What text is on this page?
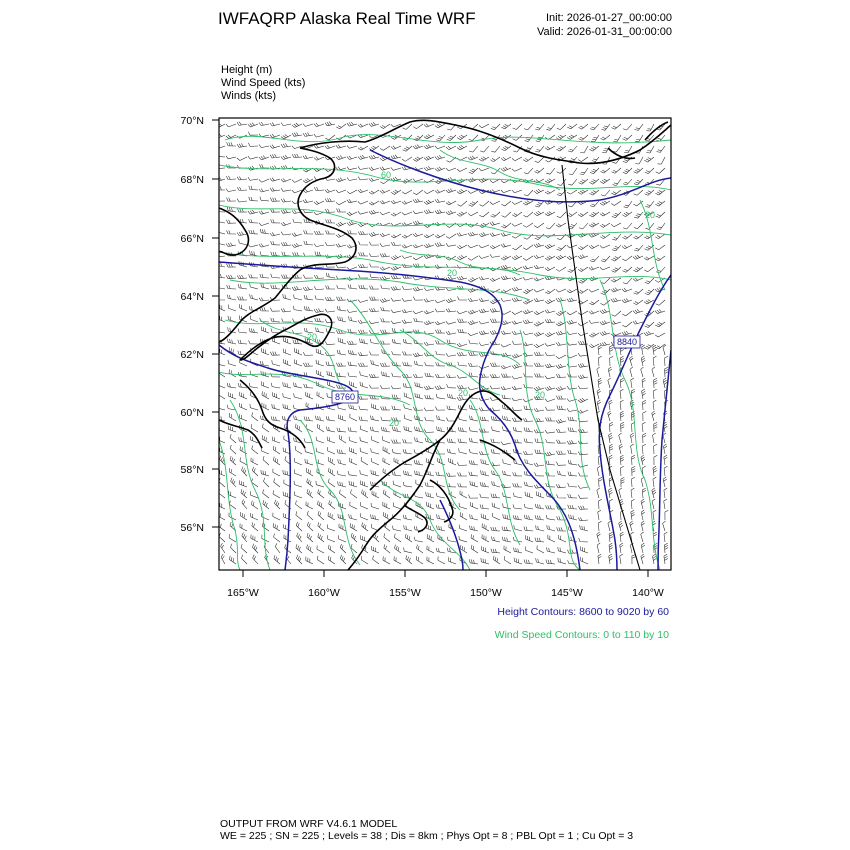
IWFAQRP Alaska Real Time WRF	Init: 2026-01-27_00:00:00
Valid: 2026-01-31_00:00:00
Height (m)
Wind Speed (kts)
Winds (kts)
8760
8840
60
20
20
20	20
20
20
70°N
68°N
66°N
64°N
62°N
60°N
58°N
56°N
165°W	160°W	155°W	150°W	145°W	140°W
Height Contours: 8600 to 9020 by 60
Wind Speed Contours: 0 to 110 by 10
OUTPUT FROM WRF V4.6.1 MODEL
WE = 225 ; SN = 225 ; Levels = 38 ; Dis = 8km ; Phys Opt = 8 ; PBL Opt = 1 ; Cu Opt = 3
